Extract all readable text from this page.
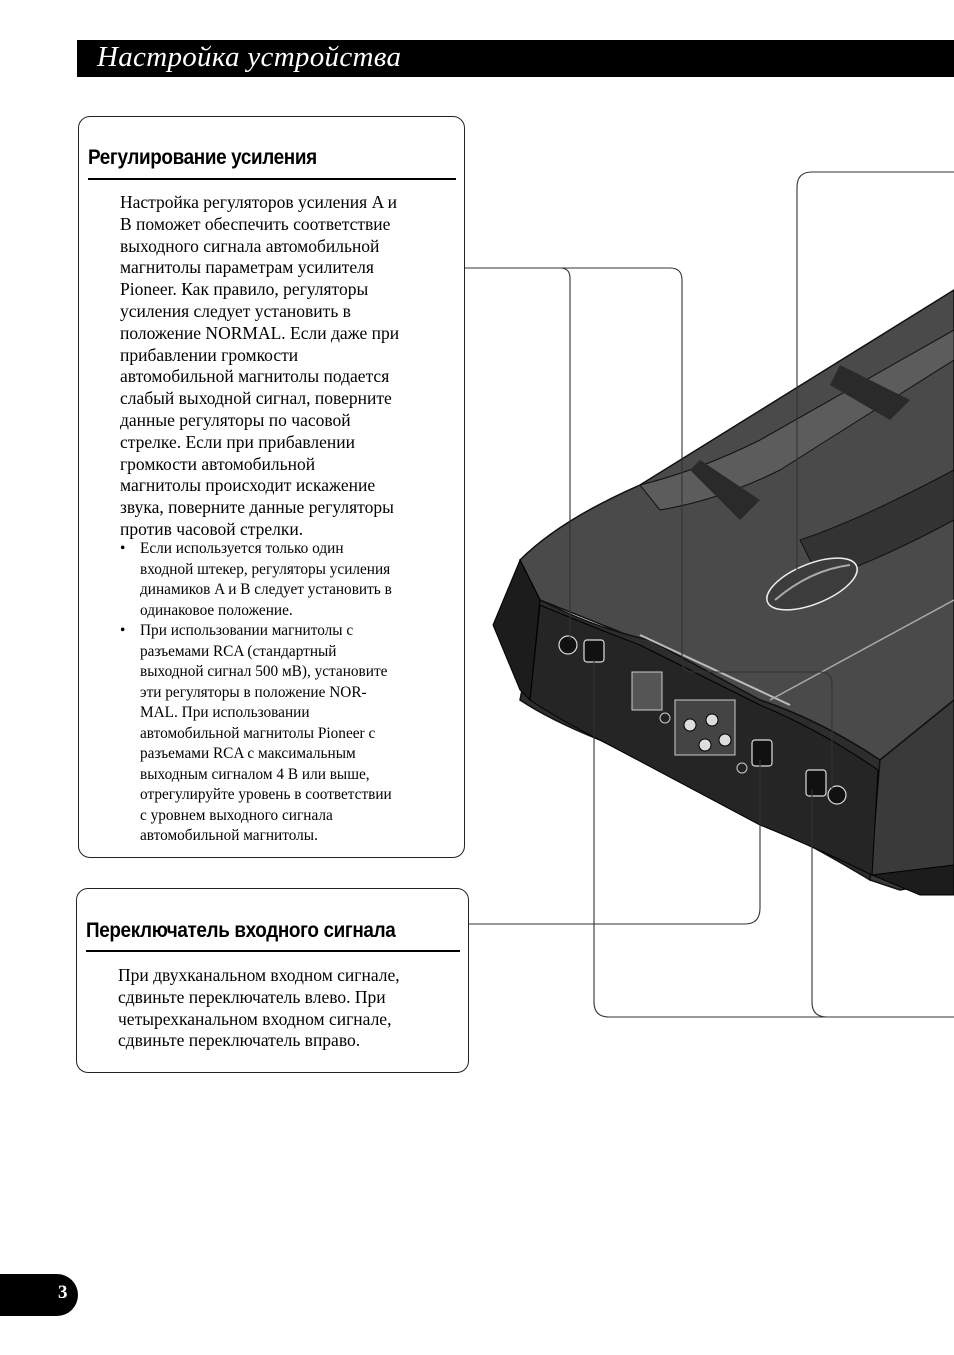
Настройка устройства
Регулирование усиления
Настройка регуляторов усиления A и
B поможет обеспечить соответствие
выходного сигнала автомобильной
магнитолы параметрам усилителя
Pioneer. Как правило, регуляторы
усиления следует установить в
положение NORMAL. Если даже при
прибавлении громкости
автомобильной магнитолы подается
слабый выходной сигнал, поверните
данные регуляторы по часовой
стрелке. Если при прибавлении
громкости автомобильной
магнитолы происходит искажение
звука, поверните данные регуляторы
против часовой стрелки.
• Если используется только один
входной штекер, регуляторы усиления
динамиков A и B следует установить в
одинаковое положение.
• При использовании магнитолы с
разъемами RCA (стандартный
выходной сигнал 500 мВ), установите
эти регуляторы в положение NOR-
MAL. При использовании
автомобильной магнитолы Pioneer с
разъемами RCA с максимальным
выходным сигналом 4 В или выше,
отрегулируйте уровень в соответствии
с уровнем выходного сигнала
автомобильной магнитолы.
Переключатель входного сигнала
При двухканальном входном сигнале,
сдвиньте переключатель влево. При
четырехканальном входном сигнале,
сдвиньте переключатель вправо.
3
